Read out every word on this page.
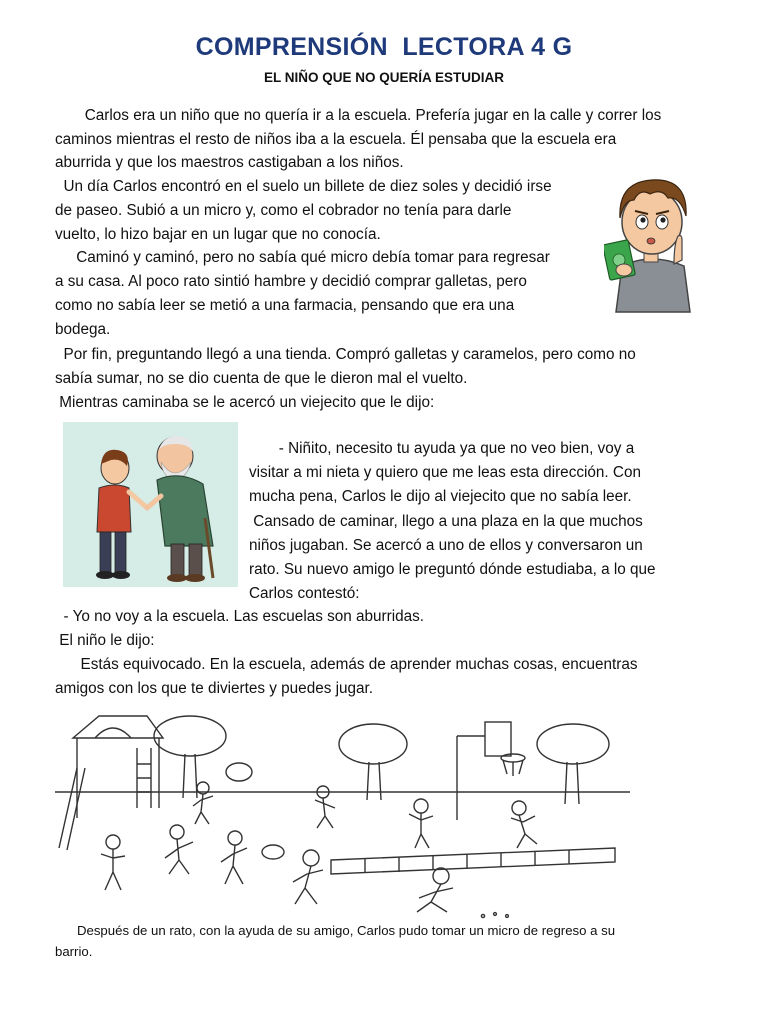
COMPRENSIÓN  LECTORA 4 G
EL NIÑO QUE NO QUERÍA ESTUDIAR
Carlos era un niño que no quería ir a la escuela. Prefería jugar en la calle y correr los
caminos mientras el resto de niños iba a la escuela. Él pensaba que la escuela era
aburrida y que los maestros castigaban a los niños.
Un día Carlos encontró en el suelo un billete de diez soles y decidió irse
de paseo. Subió a un micro y, como el cobrador no tenía para darle
vuelto, lo hizo bajar en un lugar que no conocía.
Caminó y caminó, pero no sabía qué micro debía tomar para regresar
a su casa. Al poco rato sintió hambre y decidió comprar galletas, pero
como no sabía leer se metió a una farmacia, pensando que era una
bodega.
Por fin, preguntando llegó a una tienda. Compró galletas y caramelos, pero como no
sabía sumar, no se dio cuenta de que le dieron mal el vuelto.
Mientras caminaba se le acercó un viejecito que le dijo:
- Niñito, necesito tu ayuda ya que no veo bien, voy a
visitar a mi nieta y quiero que me leas esta dirección. Con
mucha pena, Carlos le dijo al viejecito que no sabía leer.
Cansado de caminar, llego a una plaza en la que muchos
niños jugaban. Se acercó a uno de ellos y conversaron un
rato. Su nuevo amigo le preguntó dónde estudiaba, a lo que
Carlos contestó:
- Yo no voy a la escuela. Las escuelas son aburridas.
El niño le dijo:
Estás equivocado. En la escuela, además de aprender muchas cosas, encuentras
amigos con los que te diviertes y puedes jugar.
Después de un rato, con la ayuda de su amigo, Carlos pudo tomar un micro de regreso a su
barrio.
